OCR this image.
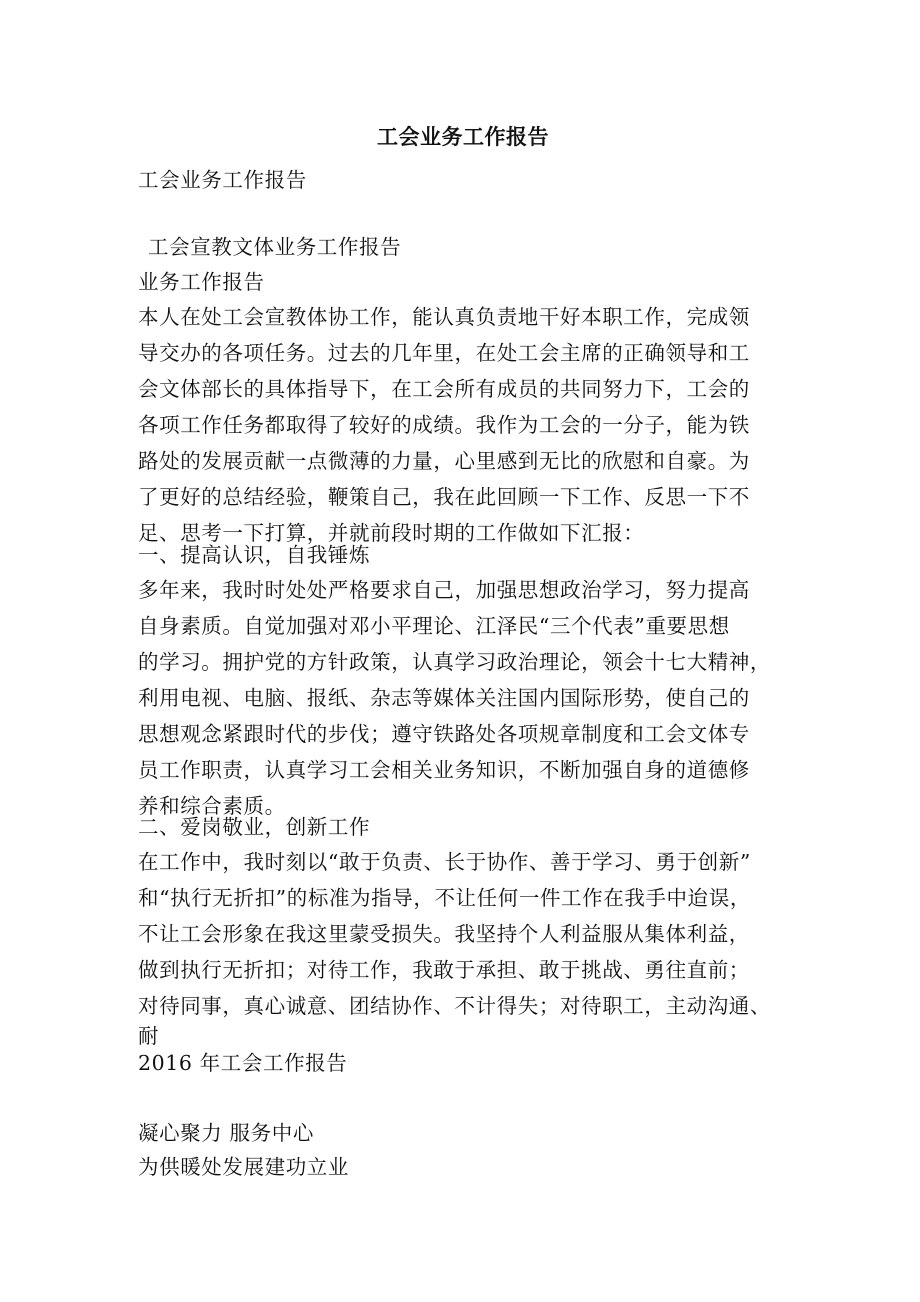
工会业务工作报告
工会业务工作报告
工会宣教文体业务工作报告
业务工作报告
本人在处工会宣教体协工作，能认真负责地干好本职工作，完成领
导交办的各项任务。过去的几年里，在处工会主席的正确领导和工
会文体部长的具体指导下，在工会所有成员的共同努力下，工会的
各项工作任务都取得了较好的成绩。我作为工会的一分子，能为铁
路处的发展贡献一点微薄的力量，心里感到无比的欣慰和自豪。为
了更好的总结经验，鞭策自己，我在此回顾一下工作、反思一下不
足、思考一下打算，并就前段时期的工作做如下汇报：
一、提高认识，自我锤炼
多年来，我时时处处严格要求自己，加强思想政治学习，努力提高
自身素质。自觉加强对邓小平理论、江泽民“三个代表”重要思想
的学习。拥护党的方针政策，认真学习政治理论，领会十七大精神，
利用电视、电脑、报纸、杂志等媒体关注国内国际形势，使自己的
思想观念紧跟时代的步伐；遵守铁路处各项规章制度和工会文体专
员工作职责，认真学习工会相关业务知识，不断加强自身的道德修
养和综合素质。
二、爱岗敬业，创新工作
在工作中，我时刻以“敢于负责、长于协作、善于学习、勇于创新”
和“执行无折扣”的标准为指导，不让任何一件工作在我手中迨误，
不让工会形象在我这里蒙受损失。我坚持个人利益服从集体利益，
做到执行无折扣；对待工作，我敢于承担、敢于挑战、勇往直前；
对待同事，真心诚意、团结协作、不计得失；对待职工，主动沟通、
耐
2016 年工会工作报告
凝心聚力 服务中心
为供暖处发展建功立业
